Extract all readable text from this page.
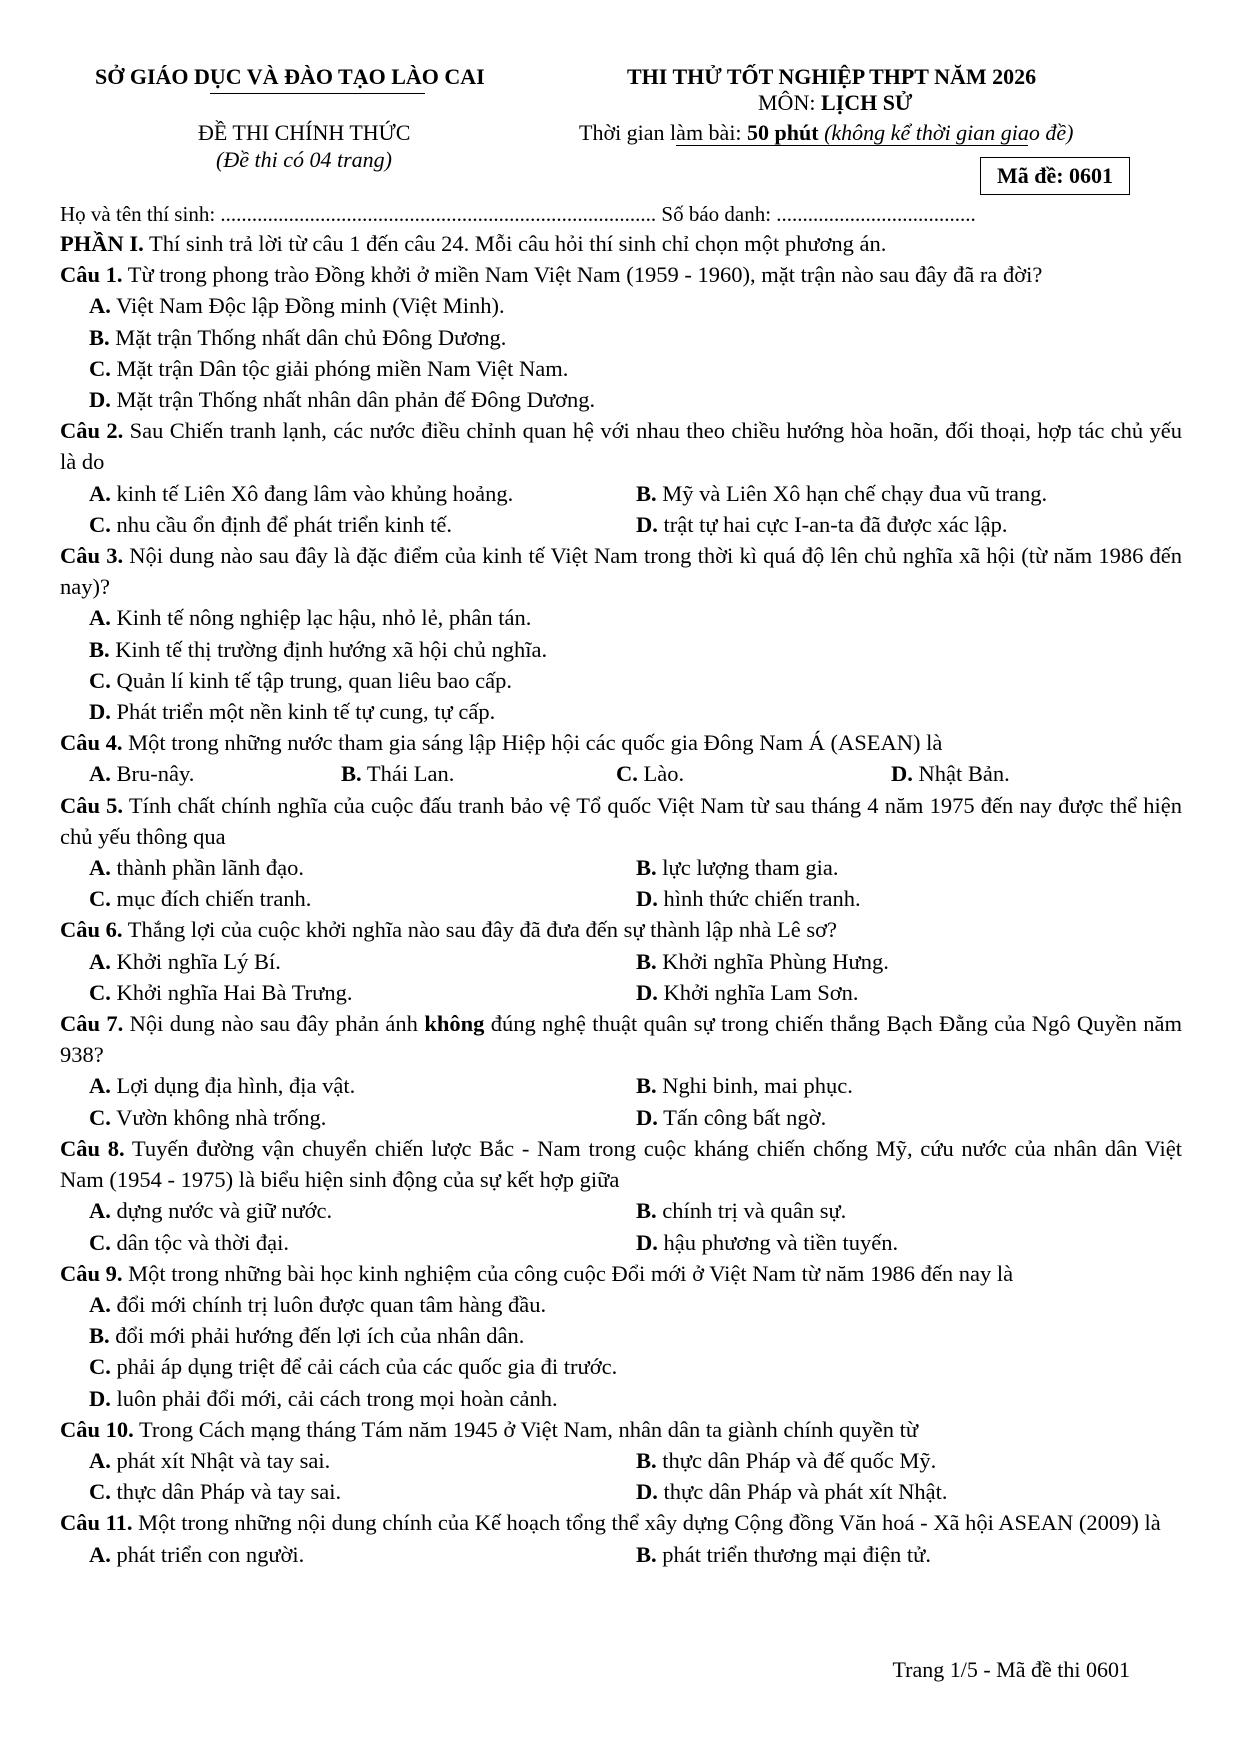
SỞ GIÁO DỤC VÀ ĐÀO TẠO LÀO CAI
ĐỀ THI CHÍNH THỨC
(Đề thi có 04 trang)
THI THỬ TỐT NGHIỆP THPT NĂM 2026
MÔN: LỊCH SỬ
Thời gian làm bài: 50 phút (không kể thời gian giao đề)
Mã đề: 0601
Họ và tên thí sinh: ................................................................................... Số báo danh: ......................................
PHẦN I. Thí sinh trả lời từ câu 1 đến câu 24. Mỗi câu hỏi thí sinh chỉ chọn một phương án.
Câu 1. Từ trong phong trào Đồng khởi ở miền Nam Việt Nam (1959 - 1960), mặt trận nào sau đây đã ra đời?
A. Việt Nam Độc lập Đồng minh (Việt Minh).
B. Mặt trận Thống nhất dân chủ Đông Dương.
C. Mặt trận Dân tộc giải phóng miền Nam Việt Nam.
D. Mặt trận Thống nhất nhân dân phản đế Đông Dương.
Câu 2. Sau Chiến tranh lạnh, các nước điều chỉnh quan hệ với nhau theo chiều hướng hòa hoãn, đối thoại, hợp tác chủ yếu là do
A. kinh tế Liên Xô đang lâm vào khủng hoảng.	B. Mỹ và Liên Xô hạn chế chạy đua vũ trang.
C. nhu cầu ổn định để phát triển kinh tế.	D. trật tự hai cực I-an-ta đã được xác lập.
Câu 3. Nội dung nào sau đây là đặc điểm của kinh tế Việt Nam trong thời kì quá độ lên chủ nghĩa xã hội (từ năm 1986 đến nay)?
A. Kinh tế nông nghiệp lạc hậu, nhỏ lẻ, phân tán.
B. Kinh tế thị trường định hướng xã hội chủ nghĩa.
C. Quản lí kinh tế tập trung, quan liêu bao cấp.
D. Phát triển một nền kinh tế tự cung, tự cấp.
Câu 4. Một trong những nước tham gia sáng lập Hiệp hội các quốc gia Đông Nam Á (ASEAN) là
A. Bru-nây.	B. Thái Lan.	C. Lào.	D. Nhật Bản.
Câu 5. Tính chất chính nghĩa của cuộc đấu tranh bảo vệ Tổ quốc Việt Nam từ sau tháng 4 năm 1975 đến nay được thể hiện chủ yếu thông qua
A. thành phần lãnh đạo.	B. lực lượng tham gia.
C. mục đích chiến tranh.	D. hình thức chiến tranh.
Câu 6. Thắng lợi của cuộc khởi nghĩa nào sau đây đã đưa đến sự thành lập nhà Lê sơ?
A. Khởi nghĩa Lý Bí.	B. Khởi nghĩa Phùng Hưng.
C. Khởi nghĩa Hai Bà Trưng.	D. Khởi nghĩa Lam Sơn.
Câu 7. Nội dung nào sau đây phản ánh không đúng nghệ thuật quân sự trong chiến thắng Bạch Đằng của Ngô Quyền năm 938?
A. Lợi dụng địa hình, địa vật.	B. Nghi binh, mai phục.
C. Vườn không nhà trống.	D. Tấn công bất ngờ.
Câu 8. Tuyến đường vận chuyển chiến lược Bắc - Nam trong cuộc kháng chiến chống Mỹ, cứu nước của nhân dân Việt Nam (1954 - 1975) là biểu hiện sinh động của sự kết hợp giữa
A. dựng nước và giữ nước.	B. chính trị và quân sự.
C. dân tộc và thời đại.	D. hậu phương và tiền tuyến.
Câu 9. Một trong những bài học kinh nghiệm của công cuộc Đổi mới ở Việt Nam từ năm 1986 đến nay là
A. đổi mới chính trị luôn được quan tâm hàng đầu.
B. đổi mới phải hướng đến lợi ích của nhân dân.
C. phải áp dụng triệt để cải cách của các quốc gia đi trước.
D. luôn phải đổi mới, cải cách trong mọi hoàn cảnh.
Câu 10. Trong Cách mạng tháng Tám năm 1945 ở Việt Nam, nhân dân ta giành chính quyền từ
A. phát xít Nhật và tay sai.	B. thực dân Pháp và đế quốc Mỹ.
C. thực dân Pháp và tay sai.	D. thực dân Pháp và phát xít Nhật.
Câu 11. Một trong những nội dung chính của Kế hoạch tổng thể xây dựng Cộng đồng Văn hoá - Xã hội ASEAN (2009) là
A. phát triển con người.	B. phát triển thương mại điện tử.
Trang 1/5 - Mã đề thi 0601
